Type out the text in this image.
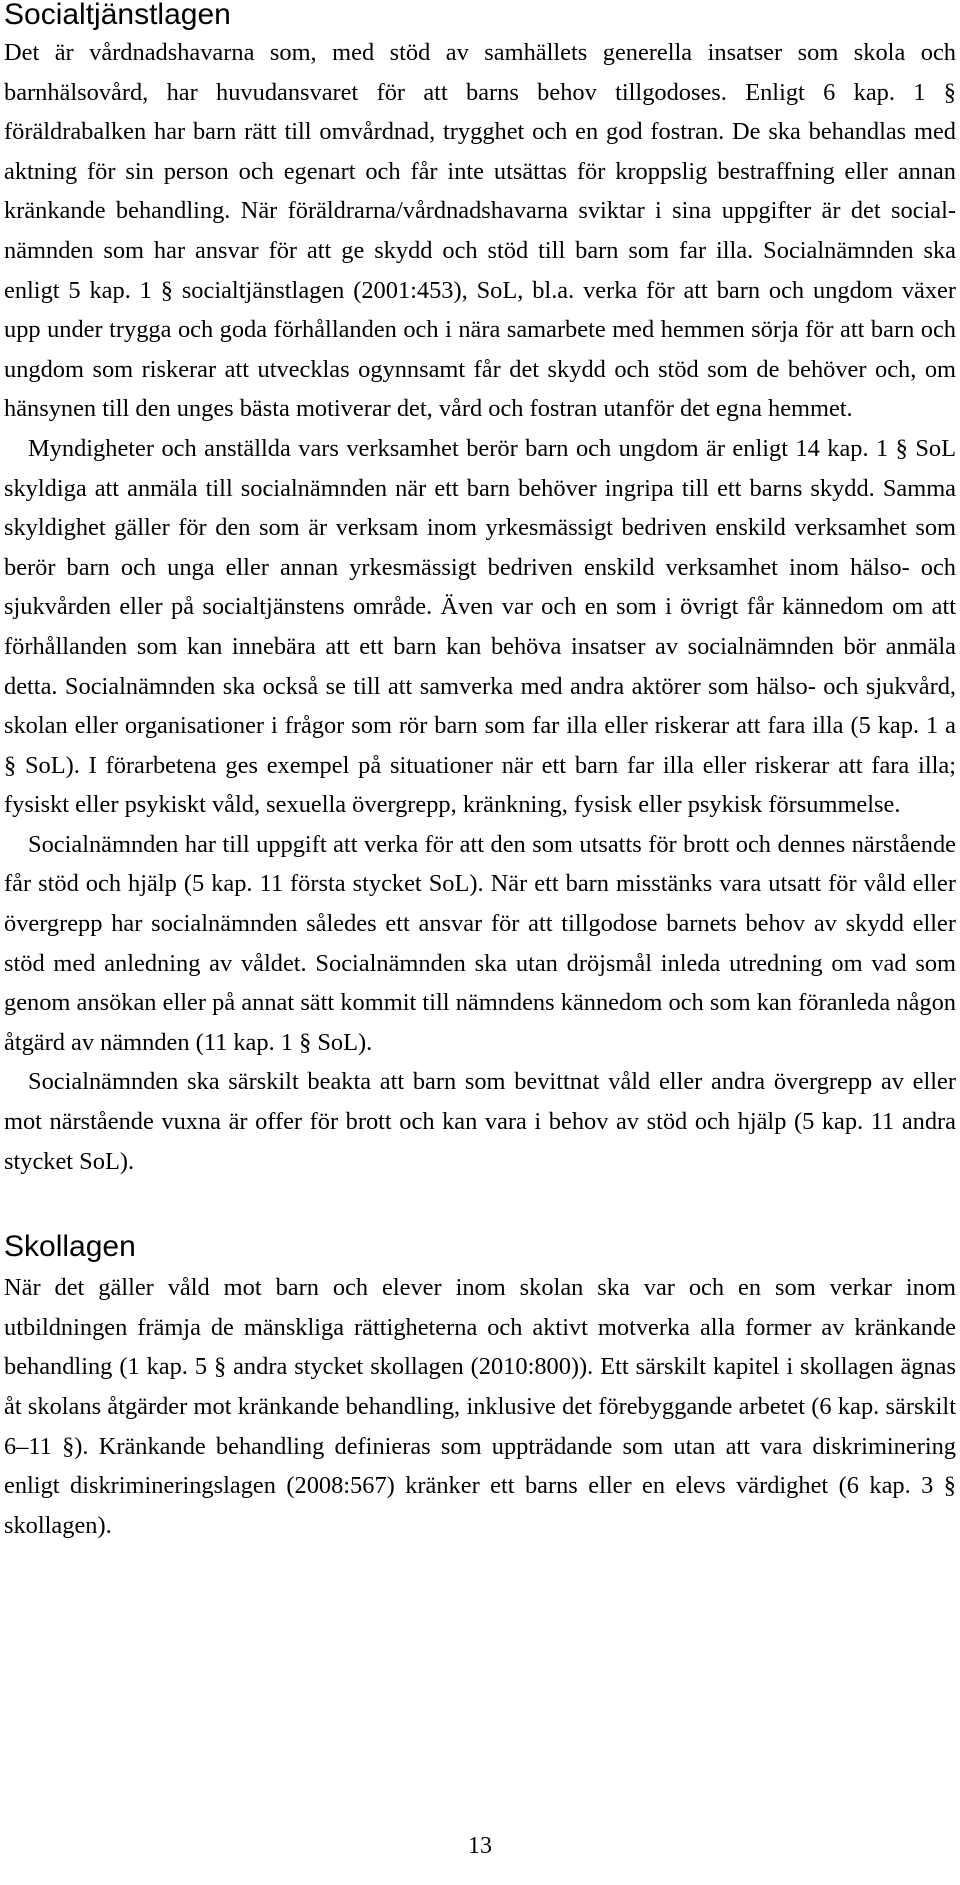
Socialtjänstlagen

Det är vårdnadshavarna som, med stöd av samhällets generella insatser som skola och barnhälsovård, har huvudansvaret för att barns behov tillgodoses. Enligt 6 kap. 1 § föräldrabalken har barn rätt till omvårdnad, trygghet och en god fostran. De ska behandlas med aktning för sin person och egenart och får inte utsättas för kroppslig bestraffning eller annan kränkande behandling. När föräldrarna/vårdnadshavarna sviktar i sina uppgifter är det socialnämnden som har ansvar för att ge skydd och stöd till barn som far illa. Socialnämnden ska enligt 5 kap. 1 § socialtjänstlagen (2001:453), SoL, bl.a. verka för att barn och ungdom växer upp under trygga och goda förhållanden och i nära samarbete med hemmen sörja för att barn och ungdom som riskerar att utvecklas ogynnsamt får det skydd och stöd som de behöver och, om hänsynen till den unges bästa motiverar det, vård och fostran utanför det egna hemmet.

Myndigheter och anställda vars verksamhet berör barn och ungdom är enligt 14 kap. 1 § SoL skyldiga att anmäla till socialnämnden när ett barn behöver ingripa till ett barns skydd. Samma skyldighet gäller för den som är verksam inom yrkesmässigt bedriven enskild verksamhet som berör barn och unga eller annan yrkesmässigt bedriven enskild verksamhet inom hälso- och sjukvården eller på socialtjänstens område. Även var och en som i övrigt får kännedom om att förhållanden som kan innebära att ett barn kan behöva insatser av socialnämnden bör anmäla detta. Socialnämnden ska också se till att samverka med andra aktörer som hälso- och sjukvård, skolan eller organisationer i frågor som rör barn som far illa eller riskerar att fara illa (5 kap. 1 a § SoL). I förarbetena ges exempel på situationer när ett barn far illa eller riskerar att fara illa; fysiskt eller psykiskt våld, sexuella övergrepp, kränkning, fysisk eller psykisk försummelse.

Socialnämnden har till uppgift att verka för att den som utsatts för brott och dennes närstående får stöd och hjälp (5 kap. 11 första stycket SoL). När ett barn misstänks vara utsatt för våld eller övergrepp har socialnämnden således ett ansvar för att tillgodose barnets behov av skydd eller stöd med anledning av våldet. Socialnämnden ska utan dröjsmål inleda utredning om vad som genom ansökan eller på annat sätt kommit till nämndens kännedom och som kan föranleda någon åtgärd av nämnden (11 kap. 1 § SoL).

Socialnämnden ska särskilt beakta att barn som bevittnat våld eller andra övergrepp av eller mot närstående vuxna är offer för brott och kan vara i behov av stöd och hjälp (5 kap. 11 andra stycket SoL).

Skollagen

När det gäller våld mot barn och elever inom skolan ska var och en som verkar inom utbildningen främja de mänskliga rättigheterna och aktivt motverka alla former av kränkande behandling (1 kap. 5 § andra stycket skollagen (2010:800)). Ett särskilt kapitel i skollagen ägnas åt skolans åtgärder mot kränkande behandling, inklusive det förebyggande arbetet (6 kap. särskilt 6–11 §). Kränkande behandling definieras som uppträdande som utan att vara diskriminering enligt diskrimineringslagen (2008:567) kränker ett barns eller en elevs värdighet (6 kap. 3 § skollagen).

13
